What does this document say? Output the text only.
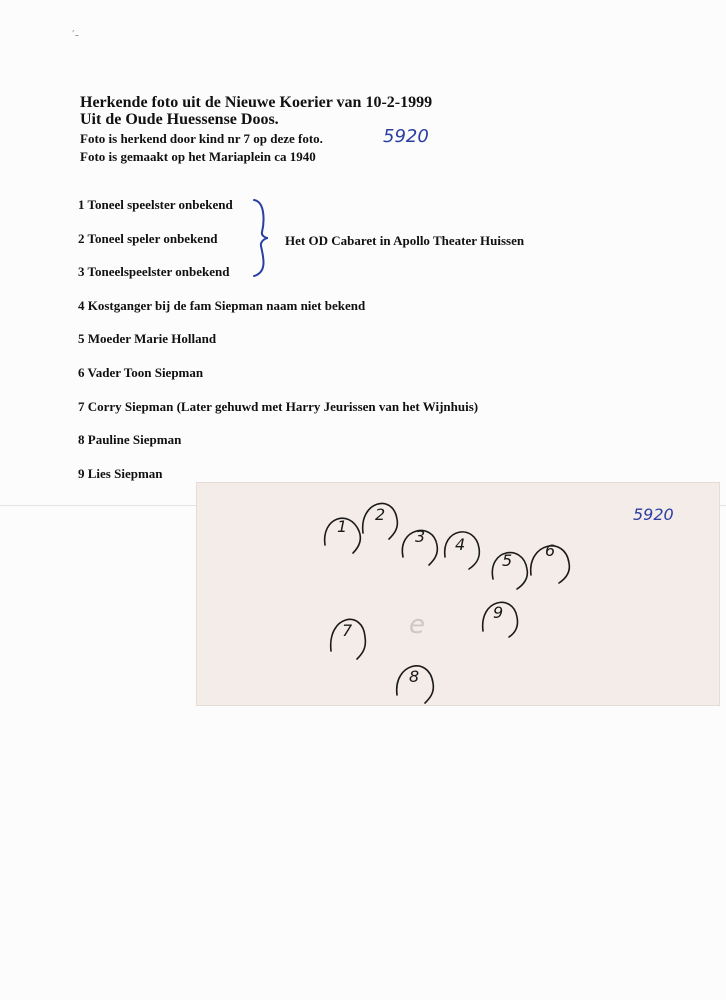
′-
Herkende foto uit de Nieuwe Koerier van 10-2-1999
Uit de Oude Huessense Doos.
Foto is herkend door kind nr 7 op deze foto.
Foto is gemaakt op het Mariaplein ca 1940
5920
1 Toneel speelster onbekend
2 Toneel speler onbekend
3 Toneelspeelster onbekend
4 Kostganger bij de fam Siepman naam niet bekend
5 Moeder Marie Holland
6 Vader Toon Siepman
7 Corry Siepman (Later gehuwd met Harry Jeurissen van het Wijnhuis)
8 Pauline Siepman
9 Lies Siepman
Het OD Cabaret in Apollo Theater Huissen
e
5920
1
2
3 4
5
6
7
8
9
